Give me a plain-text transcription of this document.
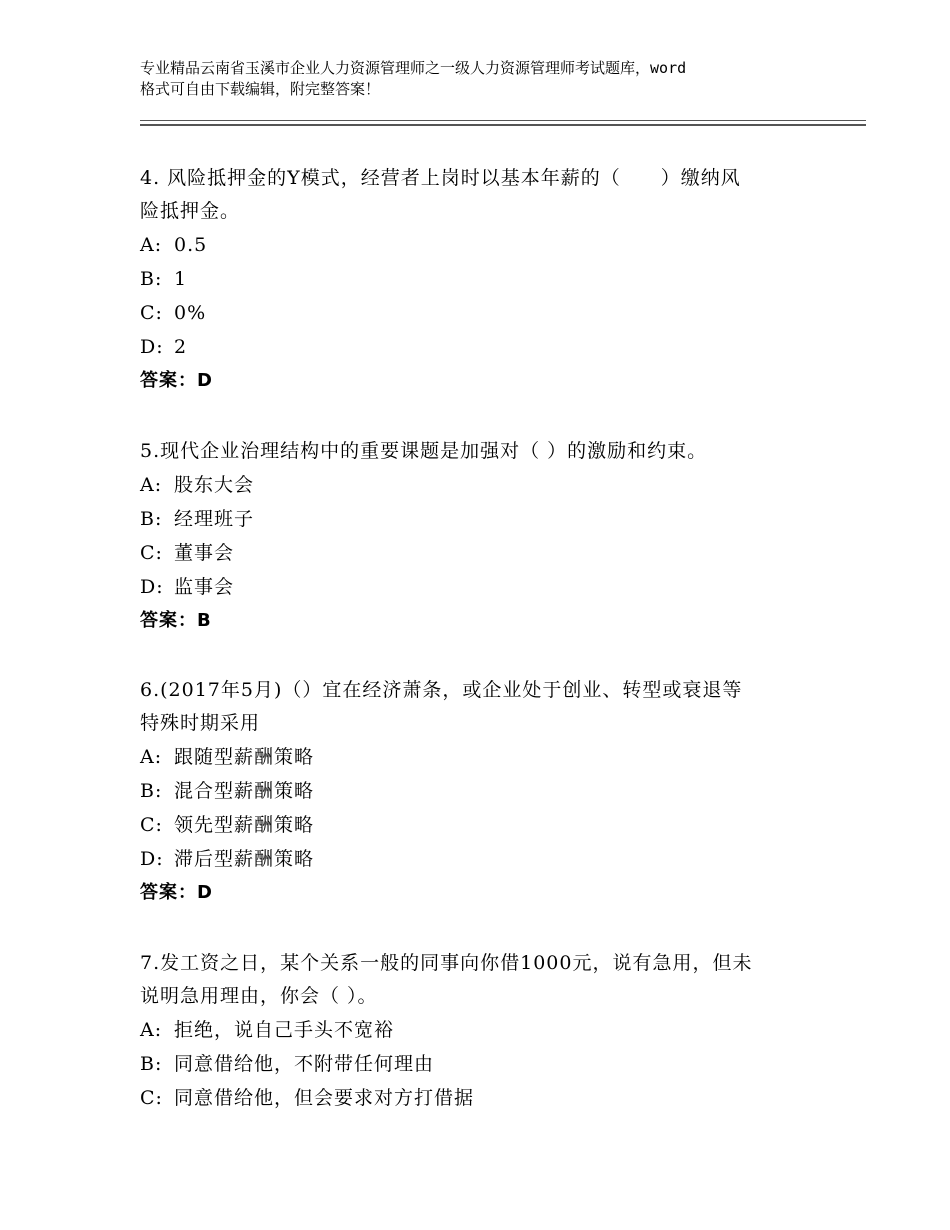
专业精品云南省玉溪市企业人力资源管理师之一级人力资源管理师考试题库，word
格式可自由下载编辑，附完整答案！

4. 风险抵押金的Y模式，经营者上岗时以基本年薪的（　　）缴纳风

险抵押金。

A: 0.5

B: 1

C: 0%

D: 2

答案：D

5.现代企业治理结构中的重要课题是加强对（ ）的激励和约束。

A: 股东大会

B: 经理班子

C: 董事会

D: 监事会

答案：B

6.(2017年5月)（）宜在经济萧条，或企业处于创业、转型或衰退等

特殊时期采用

A: 跟随型薪酬策略

B: 混合型薪酬策略

C: 领先型薪酬策略

D: 滞后型薪酬策略

答案：D

7.发工资之日，某个关系一般的同事向你借1000元，说有急用，但未

说明急用理由，你会（ ）。

A: 拒绝，说自己手头不宽裕

B: 同意借给他，不附带任何理由

C: 同意借给他，但会要求对方打借据
